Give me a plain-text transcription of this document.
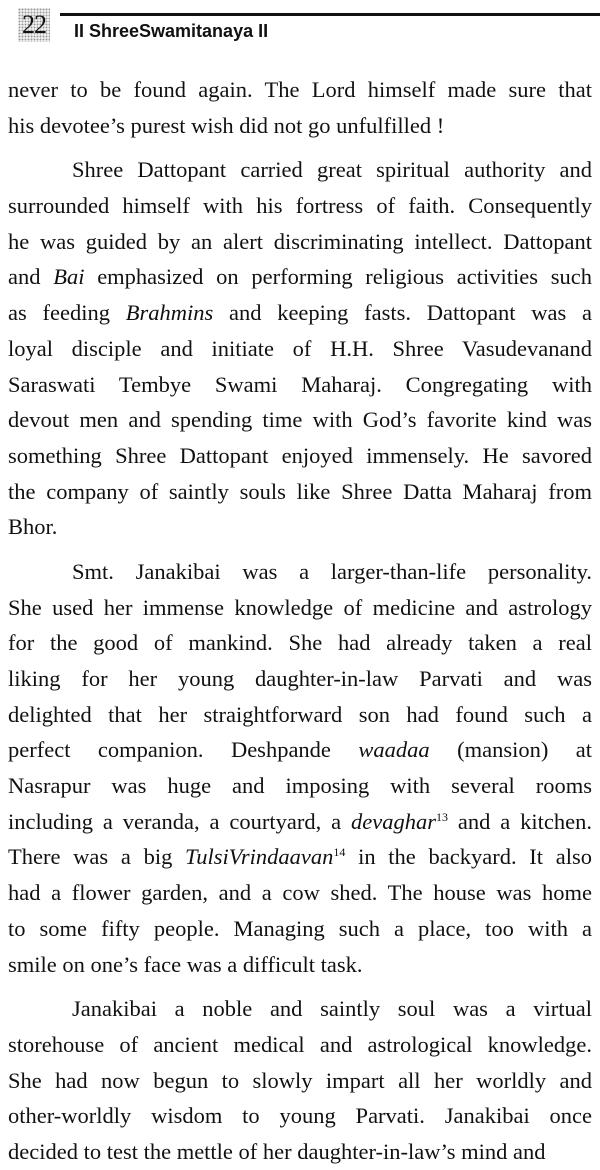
22 II ShreeSwamitanaya II
never to be found again. The Lord himself made sure that
his devotee’s purest wish did not go unfulfilled !
Shree Dattopant carried great spiritual authority and
surrounded himself with his fortress of faith. Consequently
he was guided by an alert discriminating intellect. Dattopant
and Bai emphasized on performing religious activities such
as feeding Brahmins and keeping fasts. Dattopant was a
loyal disciple and initiate of H.H. Shree Vasudevanand
Saraswati Tembye Swami Maharaj. Congregating with
devout men and spending time with God’s favorite kind was
something Shree Dattopant enjoyed immensely. He savored
the company of saintly souls like Shree Datta Maharaj from
Bhor.
Smt. Janakibai was a larger-than-life personality.
She used her immense knowledge of medicine and astrology
for the good of mankind. She had already taken a real
liking for her young daughter-in-law Parvati and was
delighted that her straightforward son had found such a
perfect companion. Deshpande waadaa (mansion) at
Nasrapur was huge and imposing with several rooms
including a veranda, a courtyard, a devaghar$^{13}$ and a kitchen.
There was a big TulsiVrindaavan$^{14}$ in the backyard. It also
had a flower garden, and a cow shed. The house was home
to some fifty people. Managing such a place, too with a
smile on one’s face was a difficult task.
Janakibai a noble and saintly soul was a virtual
storehouse of ancient medical and astrological knowledge.
She had now begun to slowly impart all her worldly and
other-worldly wisdom to young Parvati. Janakibai once
decided to test the mettle of her daughter-in-law’s mind and
